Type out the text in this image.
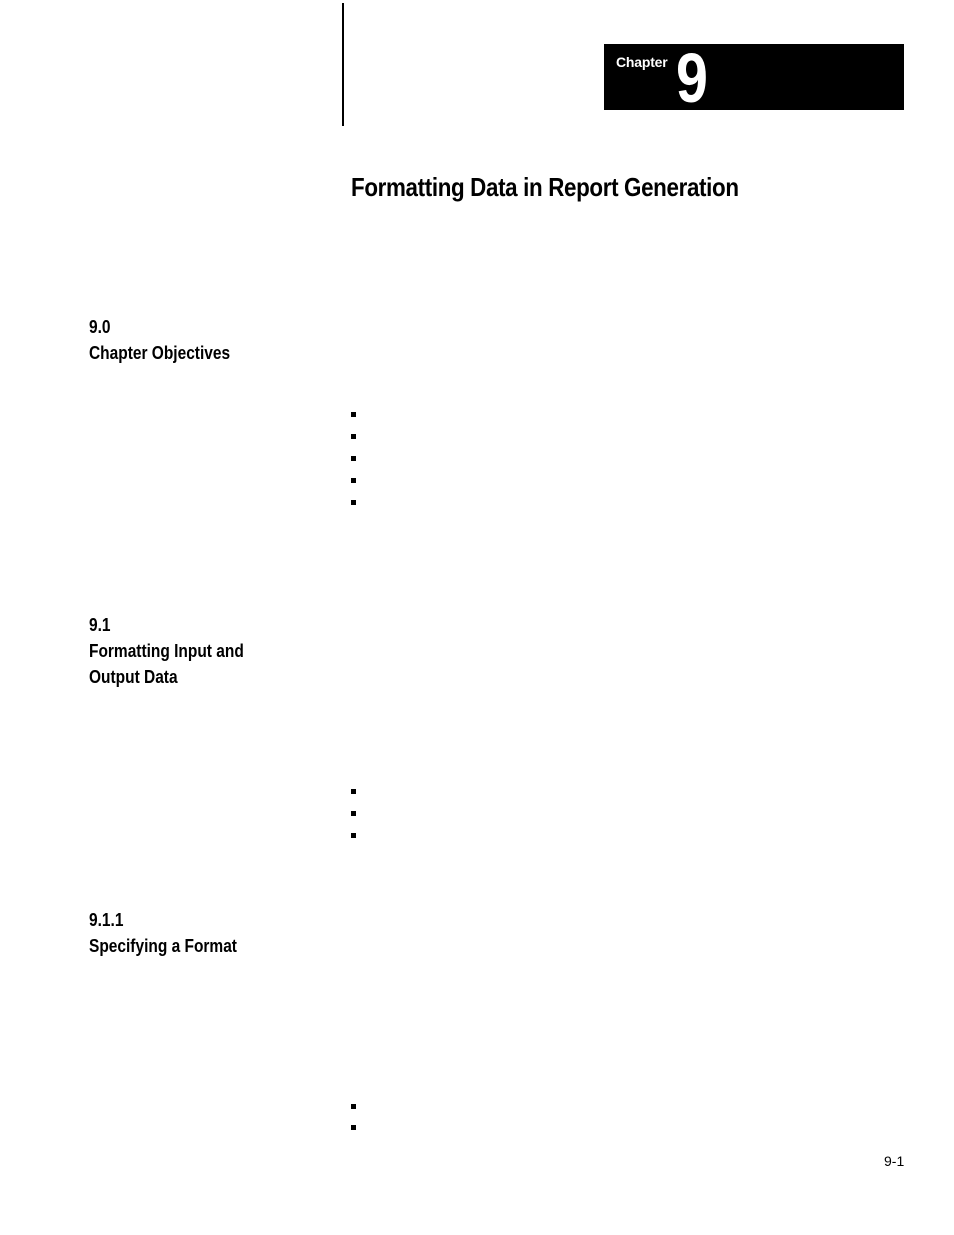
Chapter 9
Formatting Data in Report Generation
9.0
Chapter Objectives
9.1
Formatting Input and
Output Data
9.1.1
Specifying a Format
9-1
